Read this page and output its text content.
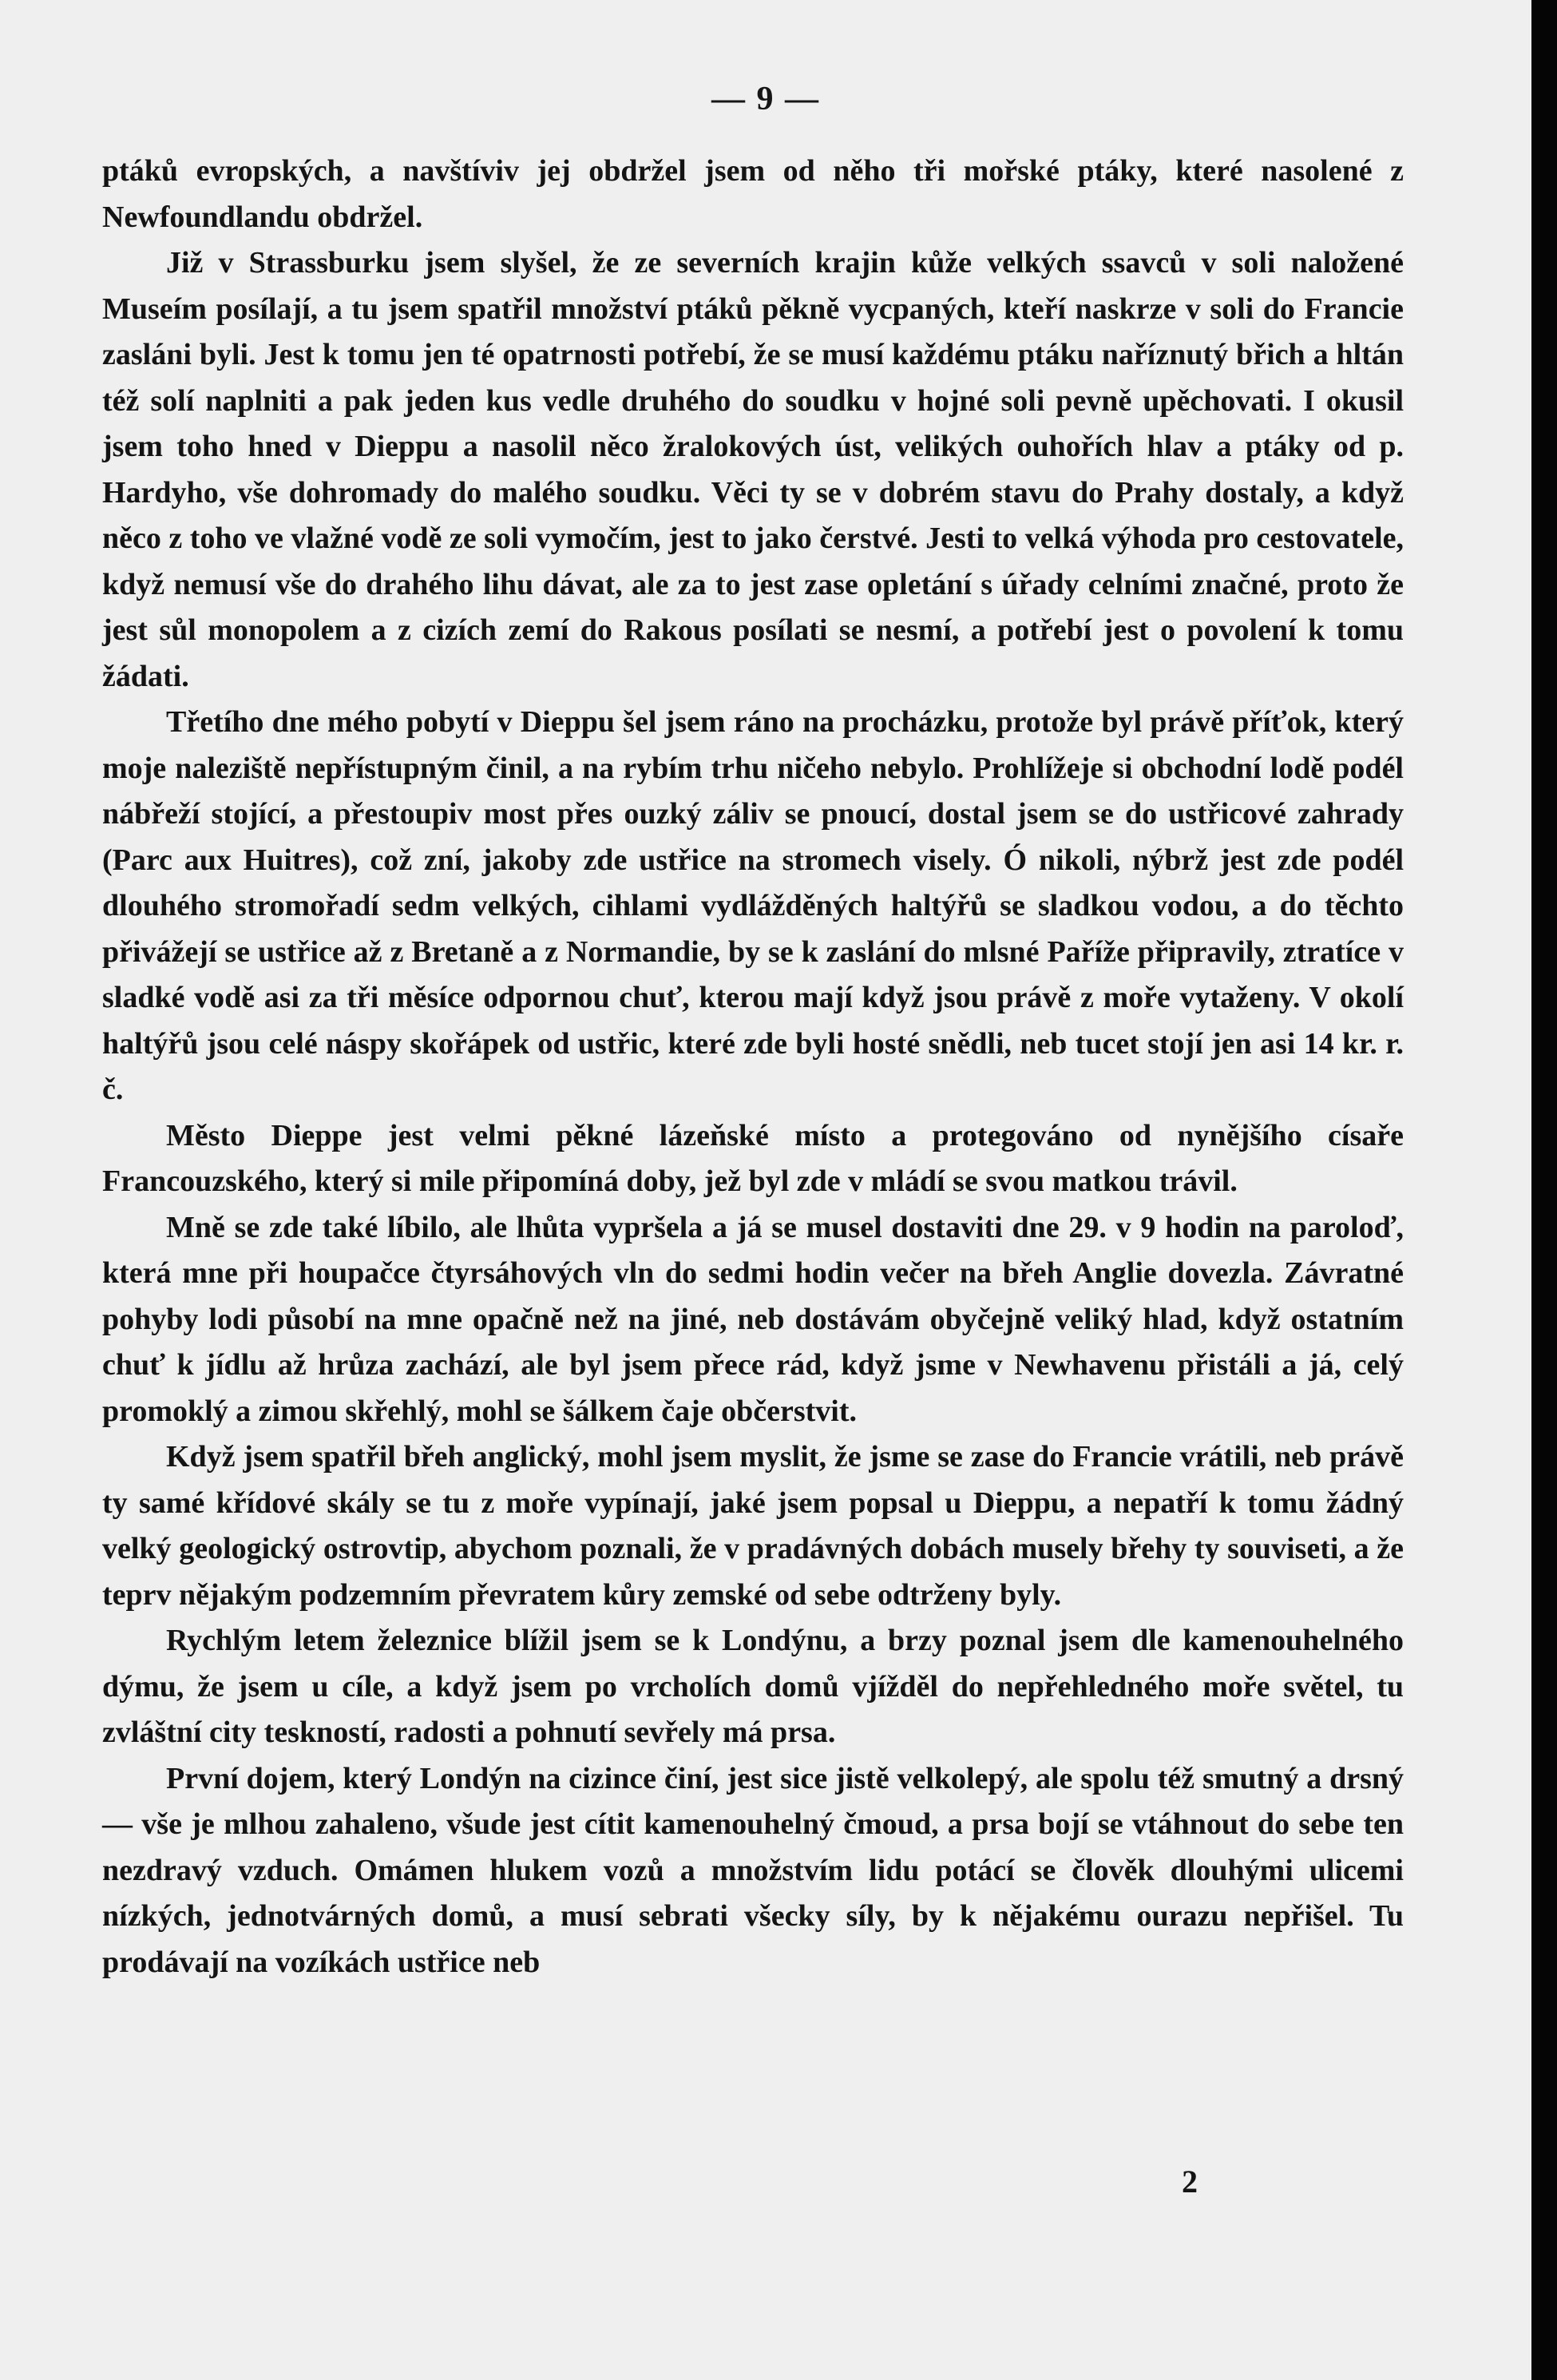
— 9 —

ptáků evropských, a navštíviv jej obdržel jsem od něho tři mořské ptáky, které nasolené z Newfoundlandu obdržel.

Již v Strassburku jsem slyšel, že ze severních krajin kůže velkých ssavců v soli naložené Museím posílají, a tu jsem spatřil množství ptáků pěkně vycpaných, kteří naskrze v soli do Francie zasláni byli. Jest k tomu jen té opatrnosti potřebí, že se musí každému ptáku naříznutý břich a hltán též solí naplniti a pak jeden kus vedle druhého do soudku v hojné soli pevně upěchovati. I okusil jsem toho hned v Dieppu a nasolil něco žralokových úst, velikých ouhořích hlav a ptáky od p. Hardyho, vše dohromady do malého soudku. Věci ty se v dobrém stavu do Prahy dostaly, a když něco z toho ve vlažné vodě ze soli vymočím, jest to jako čerstvé. Jesti to velká výhoda pro cestovatele, když nemusí vše do drahého lihu dávat, ale za to jest zase opletání s úřady celními značné, proto že jest sůl monopolem a z cizích zemí do Rakous posílati se nesmí, a potřebí jest o povolení k tomu žádati.

Třetího dne mého pobytí v Dieppu šel jsem ráno na procházku, protože byl právě příťok, který moje naleziště nepřístupným činil, a na rybím trhu ničeho nebylo. Prohlížeje si obchodní lodě podél nábřeží stojící, a přestoupiv most přes ouzký záliv se pnoucí, dostal jsem se do ustřicové zahrady (Parc aux Huitres), což zní, jakoby zde ustřice na stromech visely. Ó nikoli, nýbrž jest zde podél dlouhého stromořadí sedm velkých, cihlami vydlážděných haltýřů se sladkou vodou, a do těchto přivážejí se ustřice až z Bretaně a z Normandie, by se k zaslání do mlsné Paříže připravily, ztratíce v sladké vodě asi za tři měsíce odpornou chuť, kterou mají když jsou právě z moře vytaženy. V okolí haltýřů jsou celé náspy skořápek od ustřic, které zde byli hosté snědli, neb tucet stojí jen asi 14 kr. r. č.

Město Dieppe jest velmi pěkné lázeňské místo a protegováno od nynějšího císaře Francouzského, který si mile připomíná doby, jež byl zde v mládí se svou matkou trávil.

Mně se zde také líbilo, ale lhůta vypršela a já se musel dostaviti dne 29. v 9 hodin na paroloď, která mne při houpačce čtyrsáhových vln do sedmi hodin večer na břeh Anglie dovezla. Závratné pohyby lodi působí na mne opačně než na jiné, neb dostávám obyčejně veliký hlad, když ostatním chuť k jídlu až hrůza zachází, ale byl jsem přece rád, když jsme v Newhavenu přistáli a já, celý promoklý a zimou skřehlý, mohl se šálkem čaje občerstvit.

Když jsem spatřil břeh anglický, mohl jsem myslit, že jsme se zase do Francie vrátili, neb právě ty samé křídové skály se tu z moře vypínají, jaké jsem popsal u Dieppu, a nepatří k tomu žádný velký geologický ostrovtip, abychom poznali, že v pradávných dobách musely břehy ty souviseti, a že teprv nějakým podzemním převratem kůry zemské od sebe odtrženy byly.

Rychlým letem železnice blížil jsem se k Londýnu, a brzy poznal jsem dle kamenouhelného dýmu, že jsem u cíle, a když jsem po vrcholích domů vjížděl do nepřehledného moře světel, tu zvláštní city teskností, radosti a pohnutí sevřely má prsa.

První dojem, který Londýn na cizince činí, jest sice jistě velkolepý, ale spolu též smutný a drsný — vše je mlhou zahaleno, všude jest cítit kamenouhelný čmoud, a prsa bojí se vtáhnout do sebe ten nezdravý vzduch. Omámen hlukem vozů a množstvím lidu potácí se člověk dlouhými ulicemi nízkých, jednotvárných domů, a musí sebrati všecky síly, by k nějakému ourazu nepřišel. Tu prodávají na vozíkách ustřice neb

2
